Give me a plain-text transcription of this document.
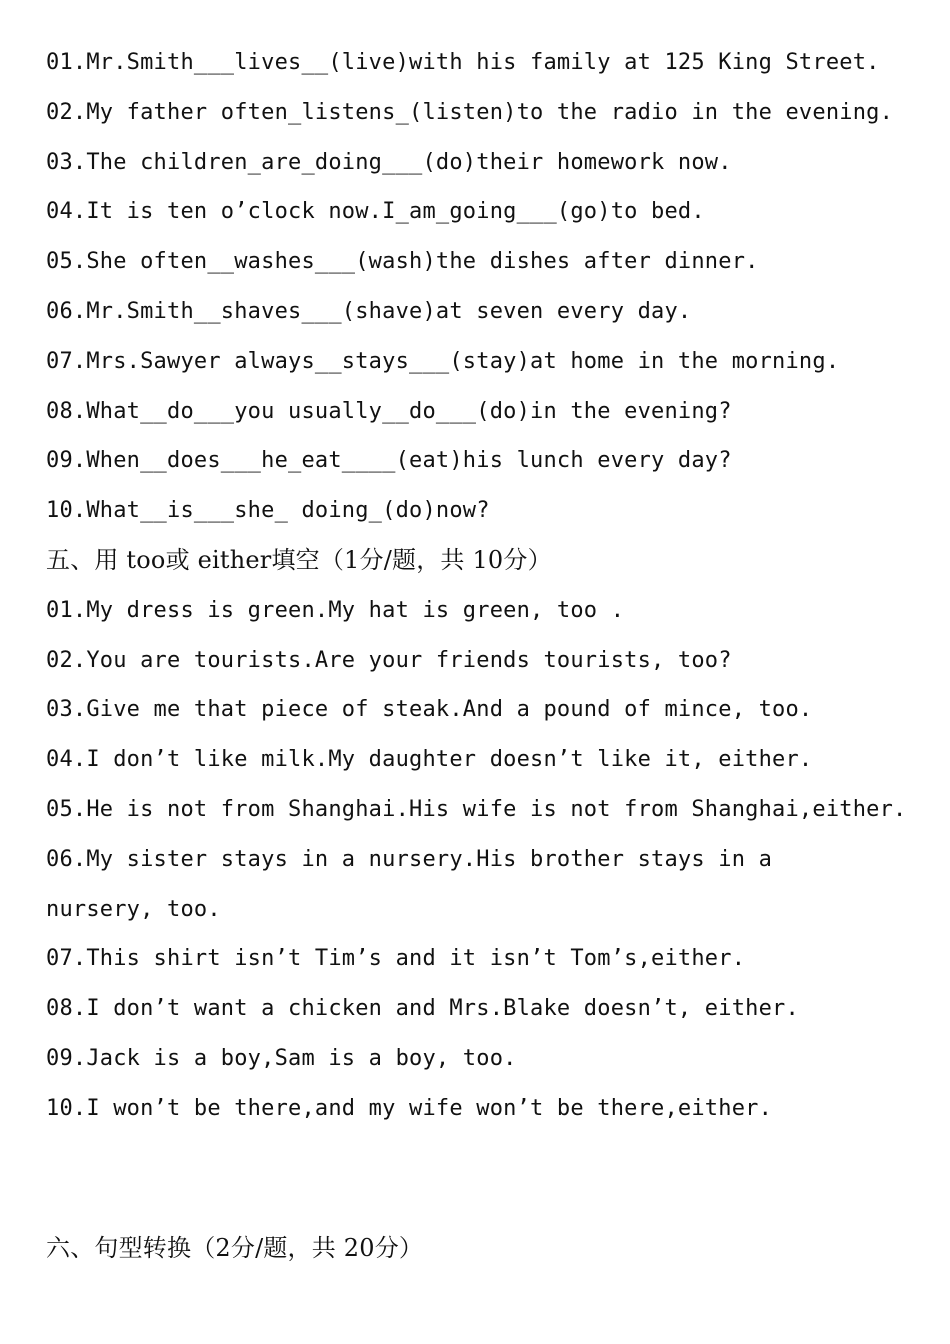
01.Mr.Smith___lives__(live)with his family at 125 King Street.
02.My father often_listens_(listen)to the radio in the evening.
03.The children_are_doing___(do)their homework now.
04.It is ten o’clock now.I_am_going___(go)to bed.
05.She often__washes___(wash)the dishes after dinner.
06.Mr.Smith__shaves___(shave)at seven every day.
07.Mrs.Sawyer always__stays___(stay)at home in the morning.
08.What__do___you usually__do___(do)in the evening?
09.When__does___he_eat____(eat)his lunch every day?
10.What__is___she_ doing_(do)now?
五、用 too或 either填空（1分/题，共 10分）
01.My dress is green.My hat is green, too .
02.You are tourists.Are your friends tourists, too?
03.Give me that piece of steak.And a pound of mince, too.
04.I don’t like milk.My daughter doesn’t like it, either.
05.He is not from Shanghai.His wife is not from Shanghai,either.
06.My sister stays in a nursery.His brother stays in a
nursery, too.
07.This shirt isn’t Tim’s and it isn’t Tom’s,either.
08.I don’t want a chicken and Mrs.Blake doesn’t, either.
09.Jack is a boy,Sam is a boy, too.
10.I won’t be there,and my wife won’t be there,either.
六、句型转换（2分/题，共 20分）
